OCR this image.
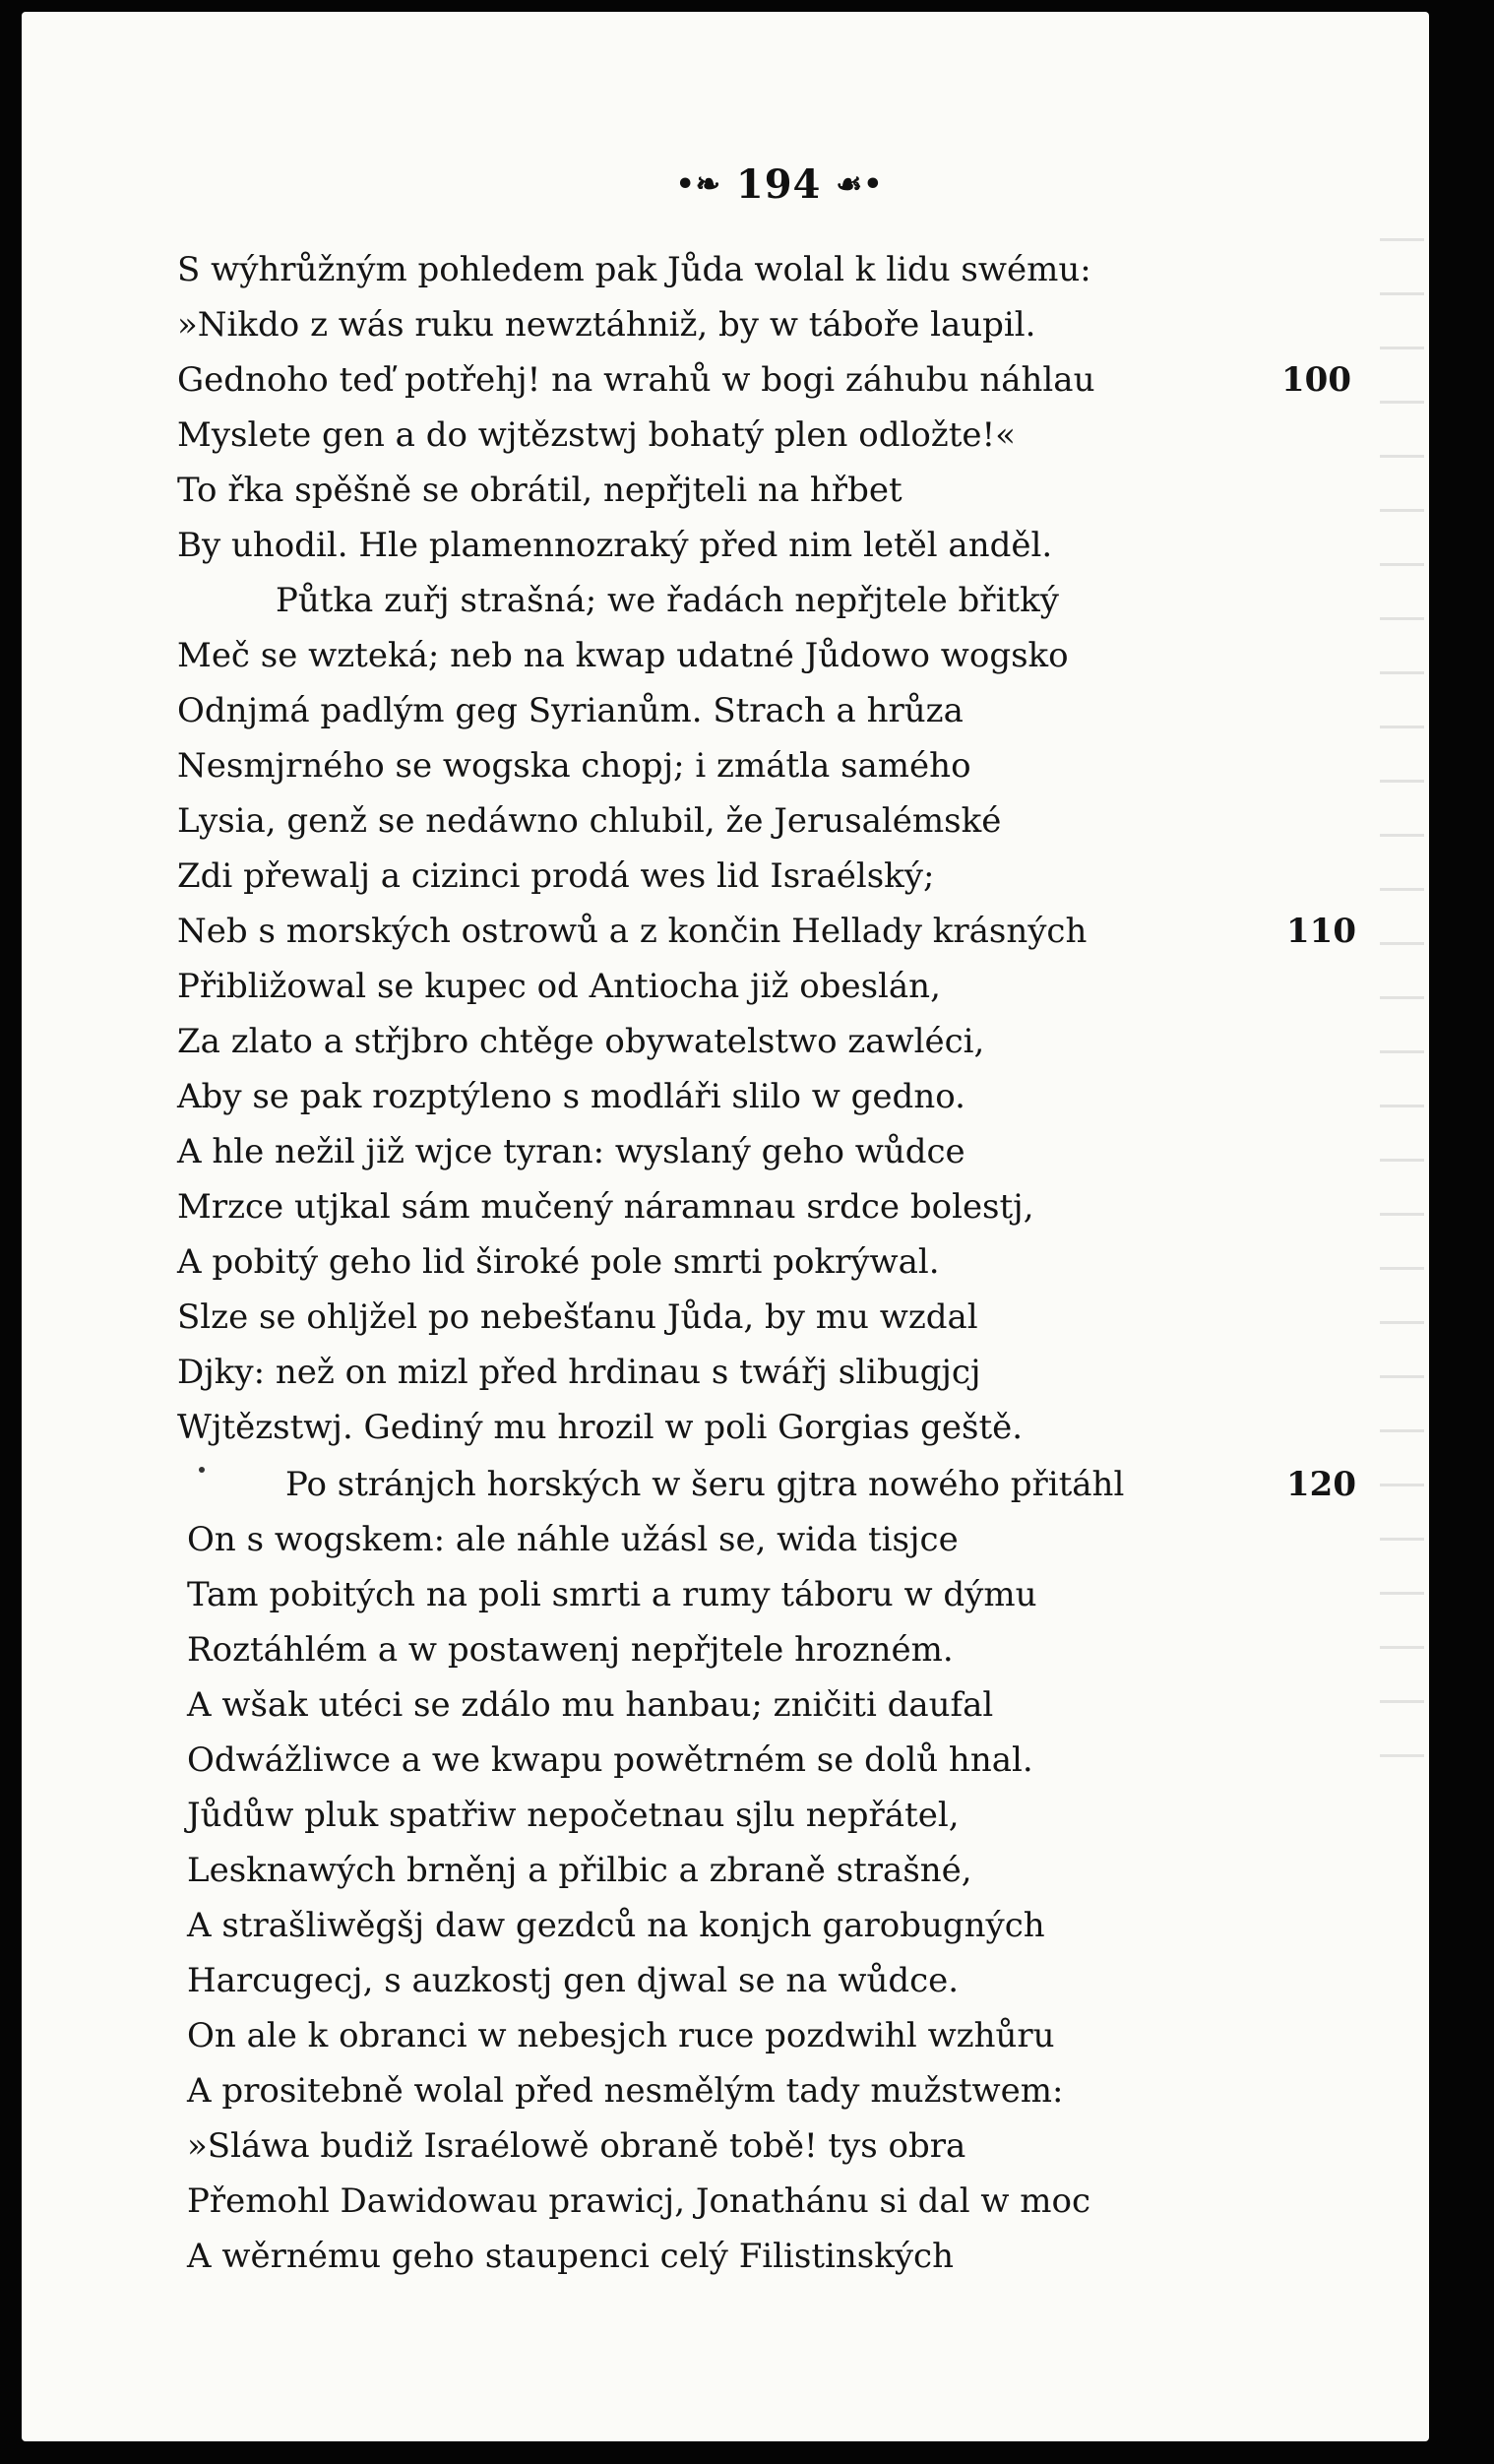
•❧ 194 ☙•
S wýhrůžným pohledem pak Jůda wolal k lidu swému:
»Nikdo z wás ruku newztáhniž, by w táboře laupil.
Gednoho teď potřehj! na wrahů w bogi záhubu náhlau
Myslete gen a do wjtězstwj bohatý plen odložte!«
To řka spěšně se obrátil, nepřjteli na hřbet
By uhodil. Hle plamennozraký před nim letěl anděl.
Půtka zuřj strašná; we řadách nepřjtele břitký
Meč se wzteká; neb na kwap udatné Jůdowo wogsko
Odnjmá padlým geg Syrianům. Strach a hrůza
Nesmjrného se wogska chopj; i zmátla samého
Lysia, genž se nedáwno chlubil, že Jerusalémské
Zdi přewalj a cizinci prodá wes lid Israélský;
Neb s morských ostrowů a z končin Hellady krásných
Přibližowal se kupec od Antiocha již obeslán,
Za zlato a střjbro chtěge obywatelstwo zawléci,
Aby se pak rozptýleno s modláři slilo w gedno.
A hle nežil již wjce tyran: wyslaný geho wůdce
Mrzce utjkal sám mučený náramnau srdce bolestj,
A pobitý geho lid široké pole smrti pokrýwal.
Slze se ohljžel po nebešťanu Jůda, by mu wzdal
Djky: než on mizl před hrdinau s twářj slibugjcj
Wjtězstwj. Gediný mu hrozil w poli Gorgias geště.
Po stránjch horských w šeru gjtra nowého přitáhl
On s wogskem: ale náhle užásl se, wida tisjce
Tam pobitých na poli smrti a rumy táboru w dýmu
Roztáhlém a w postawenj nepřjtele hrozném.
A wšak utéci se zdálo mu hanbau; zničiti daufal
Odwážliwce a we kwapu powětrném se dolů hnal.
Jůdůw pluk spatřiw nepočetnau sjlu nepřátel,
Lesknawých brněnj a přilbic a zbraně strašné,
A strašliwěgšj daw gezdců na konjch garobugných
Harcugecj, s auzkostj gen djwal se na wůdce.
On ale k obranci w nebesjch ruce pozdwihl wzhůru
A prositebně wolal před nesmělým tady mužstwem:
»Sláwa budiž Israélowě obraně tobě! tys obra
Přemohl Dawidowau prawicj, Jonathánu si dal w moc
A wěrnému geho staupenci celý Filistinských
100
110
120
